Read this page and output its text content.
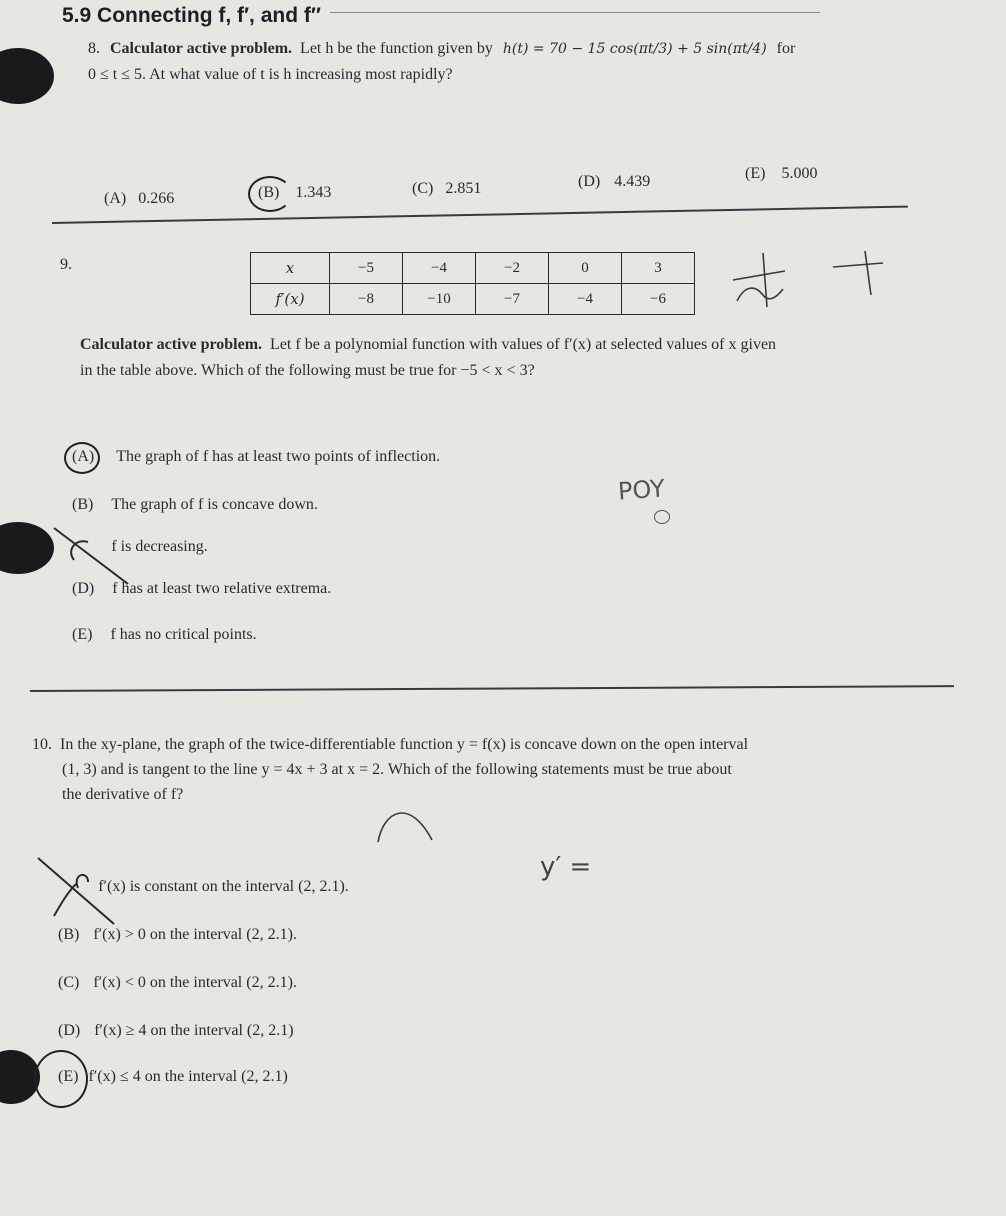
5.9 Connecting f, f′, and f″
8. Calculator active problem. Let h be the function given by h(t) = 70 − 15 cos(πt/3) + 5 sin(πt/4) for
0 ≤ t ≤ 5. At what value of t is h increasing most rapidly?
(A) 0.266	(B) 1.343	(C) 2.851	(D) 4.439	(E) 5.000
9.	x	−5	−4	−2	0	3
f′(x)	−8	−10	−7	−4	−6
Calculator active problem. Let f be a polynomial function with values of f′(x) at selected values of x given
in the table above. Which of the following must be true for −5 < x < 3?
(A) The graph of f has at least two points of inflection.
(B) The graph of f is concave down.
f is decreasing.
(D) f has at least two relative extrema.
(E) f has no critical points.
POY
10. In the xy-plane, the graph of the twice-differentiable function y = f(x) is concave down on the open interval
(1, 3) and is tangent to the line y = 4x + 3 at x = 2. Which of the following statements must be true about
the derivative of f?
f′(x) is constant on the interval (2, 2.1).
(B) f′(x) > 0 on the interval (2, 2.1).
(C) f′(x) < 0 on the interval (2, 2.1).
(D) f′(x) ≥ 4 on the interval (2, 2.1)
(E) f′(x) ≤ 4 on the interval (2, 2.1)
y′ =
